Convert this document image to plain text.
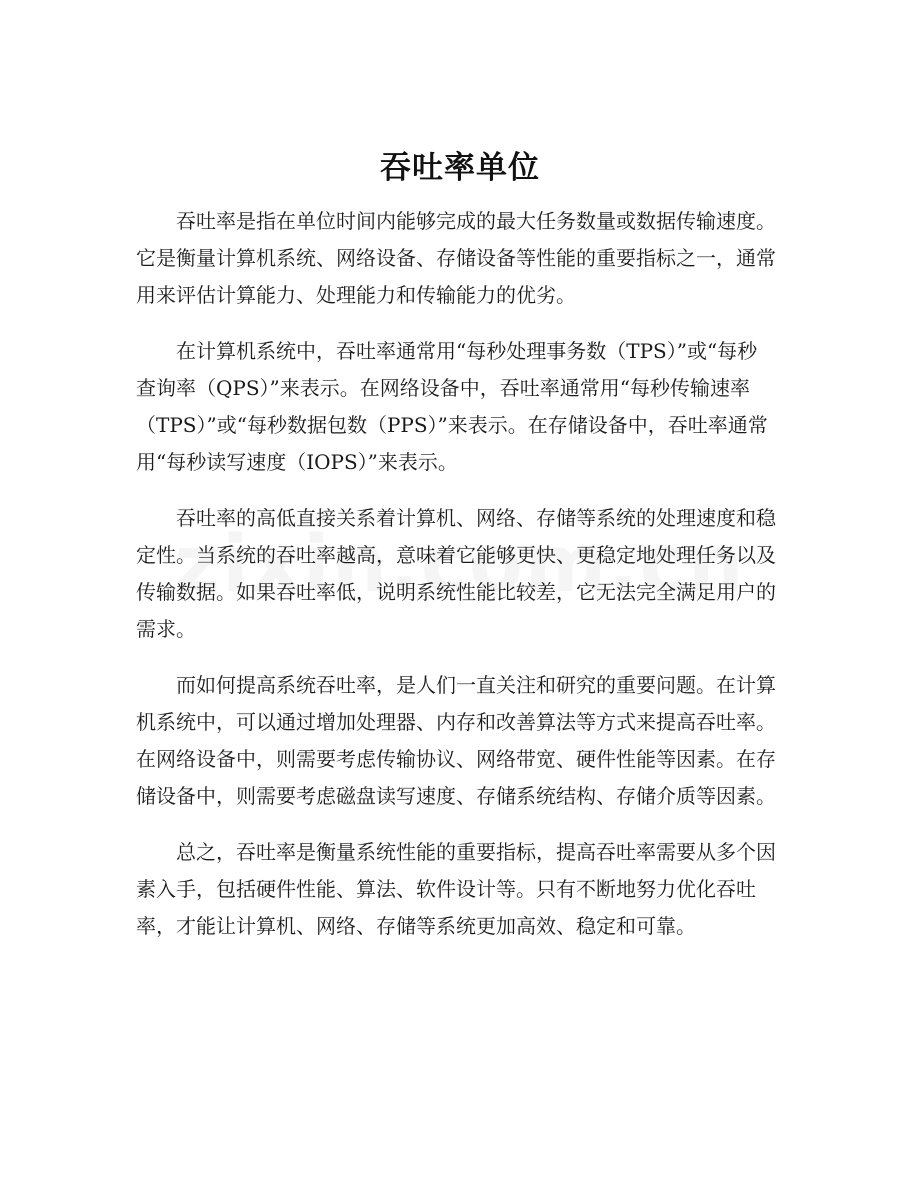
吞吐率单位

吞吐率是指在单位时间内能够完成的最大任务数量或数据传输速度。它是衡量计算机系统、网络设备、存储设备等性能的重要指标之一，通常用来评估计算能力、处理能力和传输能力的优劣。

在计算机系统中，吞吐率通常用“每秒处理事务数（TPS）”或“每秒查询率（QPS）”来表示。在网络设备中，吞吐率通常用“每秒传输速率（TPS）”或“每秒数据包数（PPS）”来表示。在存储设备中，吞吐率通常用“每秒读写速度（IOPS）”来表示。

吞吐率的高低直接关系着计算机、网络、存储等系统的处理速度和稳定性。当系统的吞吐率越高，意味着它能够更快、更稳定地处理任务以及传输数据。如果吞吐率低，说明系统性能比较差，它无法完全满足用户的需求。

而如何提高系统吞吐率，是人们一直关注和研究的重要问题。在计算机系统中，可以通过增加处理器、内存和改善算法等方式来提高吞吐率。在网络设备中，则需要考虑传输协议、网络带宽、硬件性能等因素。在存储设备中，则需要考虑磁盘读写速度、存储系统结构、存储介质等因素。

总之，吞吐率是衡量系统性能的重要指标，提高吞吐率需要从多个因素入手，包括硬件性能、算法、软件设计等。只有不断地努力优化吞吐率，才能让计算机、网络、存储等系统更加高效、稳定和可靠。
